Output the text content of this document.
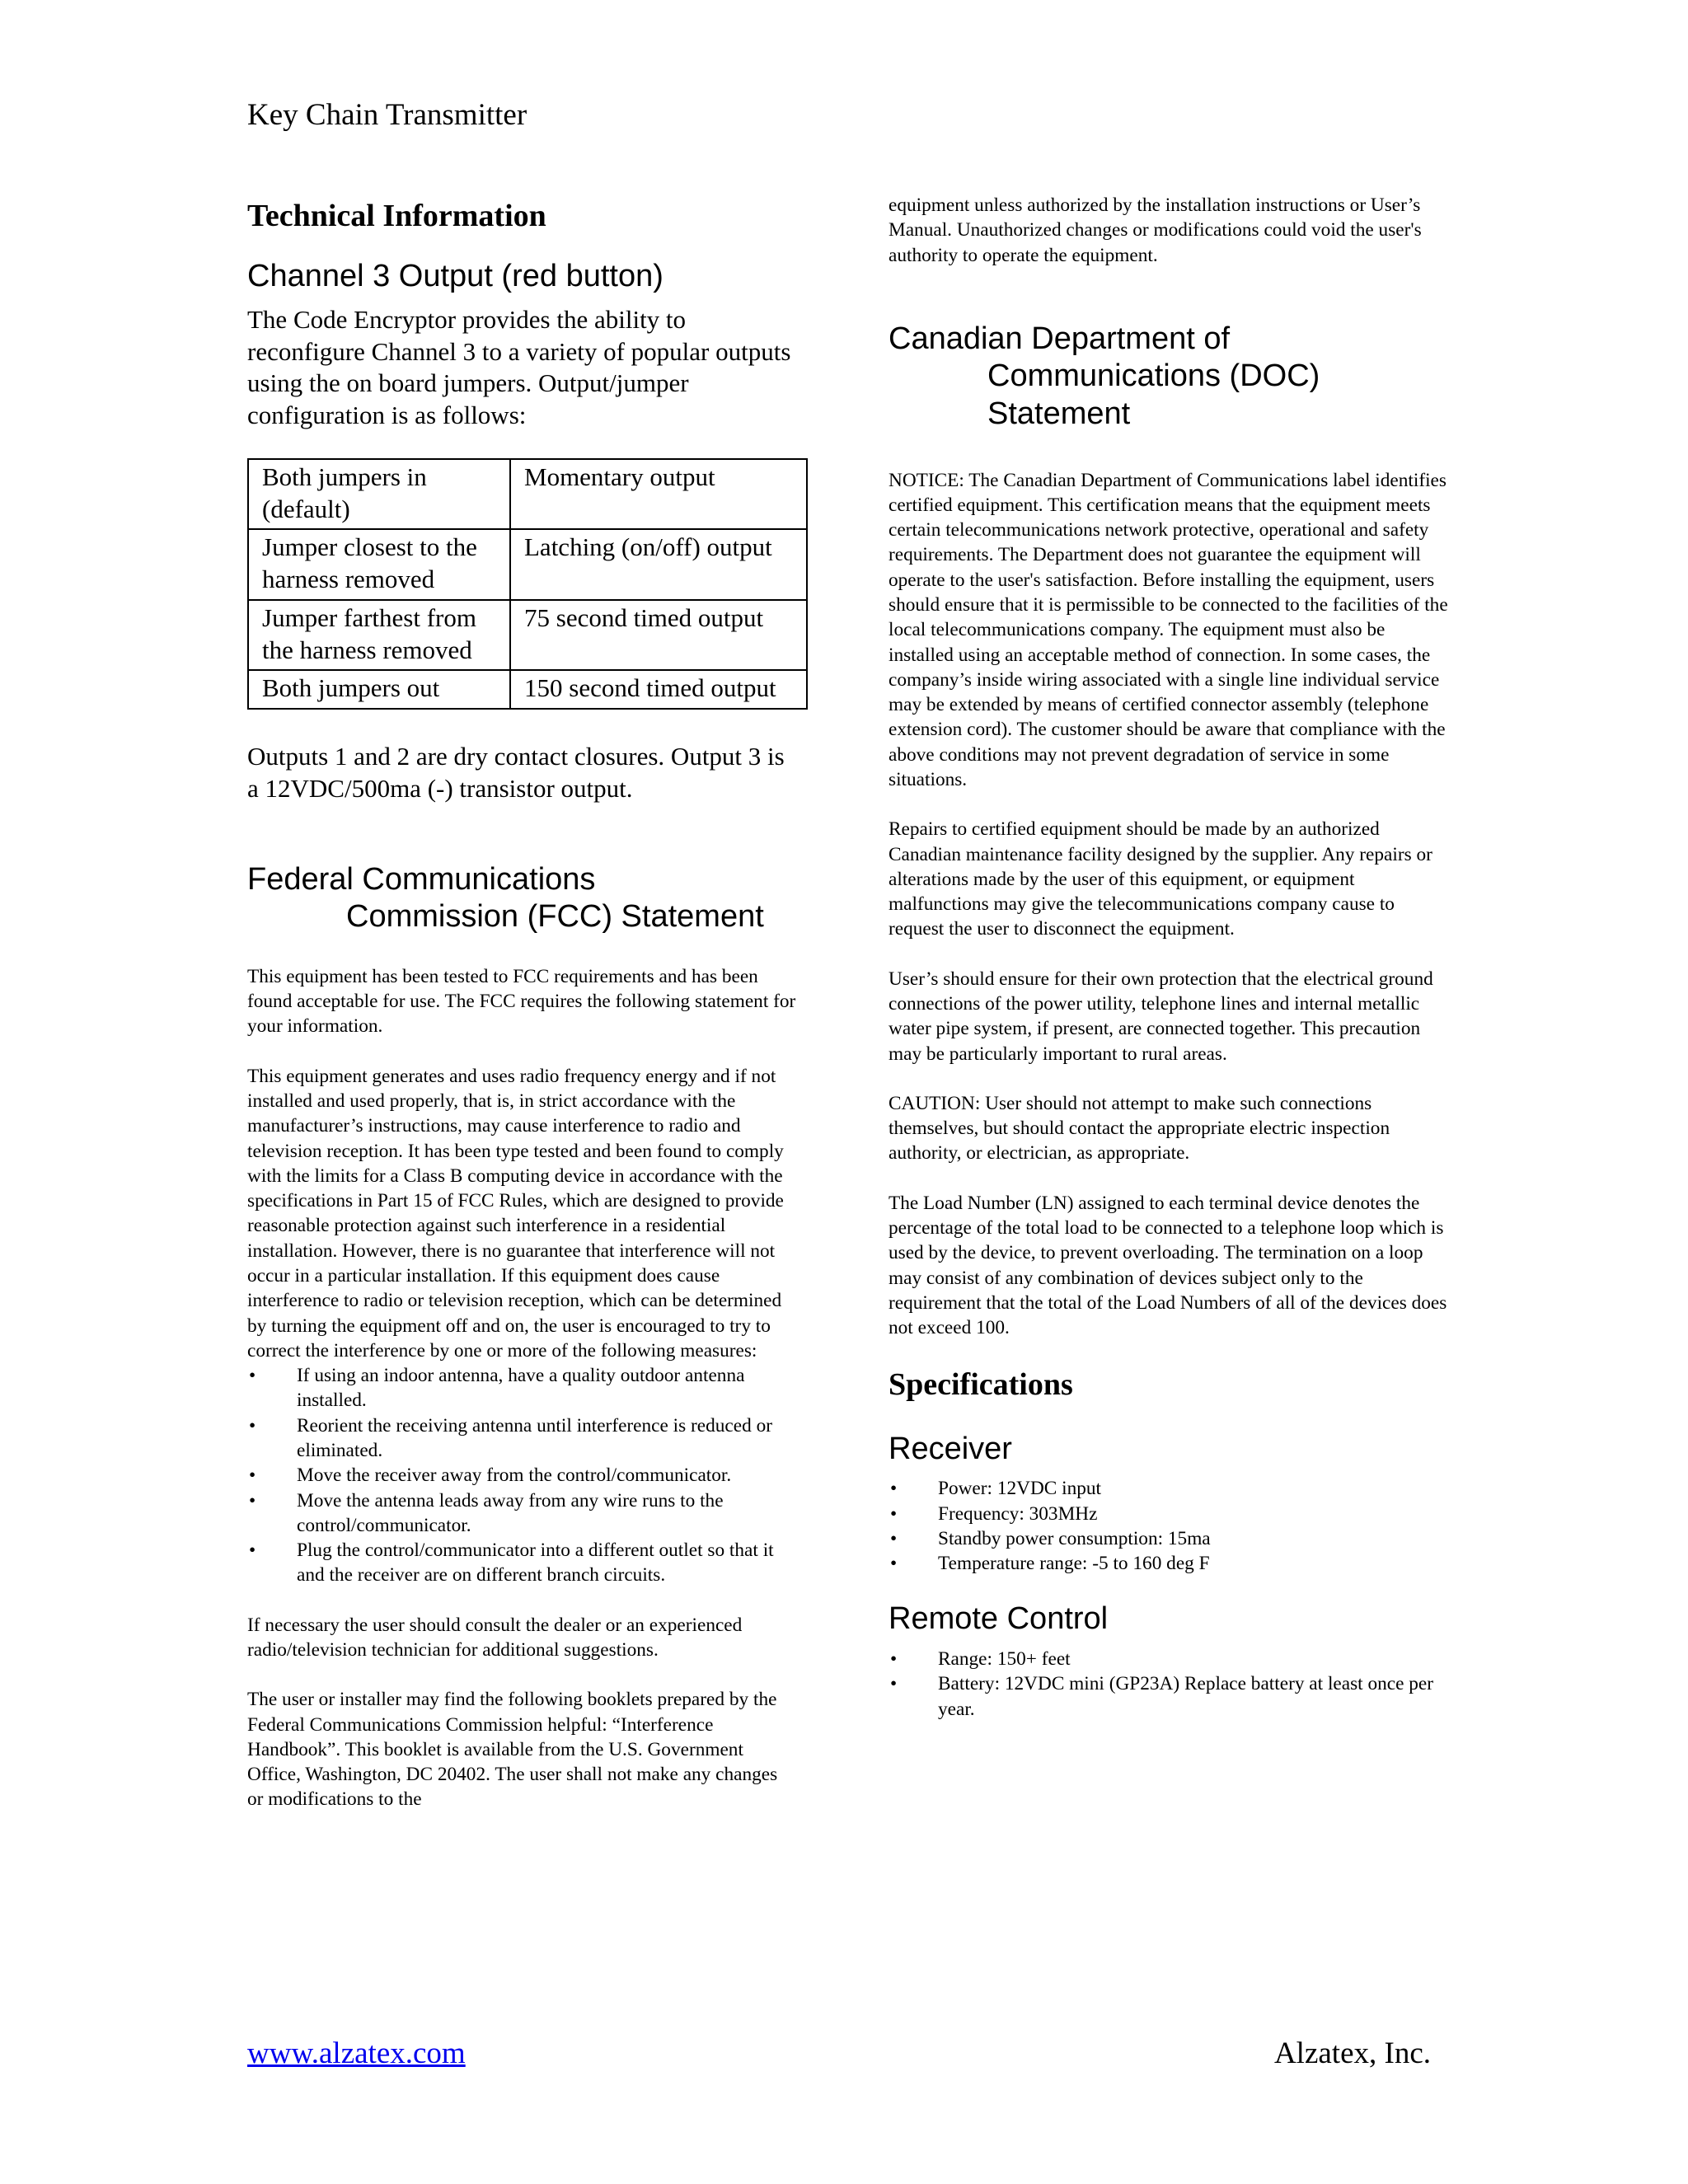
Key Chain Transmitter
Technical Information
Channel 3 Output (red button)

The Code Encryptor provides the ability to reconfigure Channel 3 to a variety of popular outputs using the on board jumpers. Output/jumper configuration is as follows:

Both jumpers in (default)	Momentary output
Jumper closest to the harness removed	Latching (on/off) output
Jumper farthest from the harness removed	75 second timed output
Both jumpers out	150 second timed output

Outputs 1 and 2 are dry contact closures. Output 3 is a 12VDC/500ma (-) transistor output.

Federal Communications
Commission (FCC) Statement

This equipment has been tested to FCC requirements and has been found acceptable for use. The FCC requires the following statement for your information.

This equipment generates and uses radio frequency energy and if not installed and used properly, that is, in strict accordance with the manufacturer’s instructions, may cause interference to radio and television reception. It has been type tested and been found to comply with the limits for a Class B computing device in accordance with the specifications in Part 15 of FCC Rules, which are designed to provide reasonable protection against such interference in a residential installation. However, there is no guarantee that interference will not occur in a particular installation. If this equipment does cause interference to radio or television reception, which can be determined by turning the equipment off and on, the user is encouraged to try to correct the interference by one or more of the following measures:

• If using an indoor antenna, have a quality outdoor antenna installed.
• Reorient the receiving antenna until interference is reduced or eliminated.
• Move the receiver away from the control/communicator.
• Move the antenna leads away from any wire runs to the control/communicator.
• Plug the control/communicator into a different outlet so that it and the receiver are on different branch circuits.

If necessary the user should consult the dealer or an experienced radio/television technician for additional suggestions.

The user or installer may find the following booklets prepared by the Federal Communications Commission helpful: “Interference Handbook”. This booklet is available from the U.S. Government Office, Washington, DC 20402. The user shall not make any changes or modifications to the

equipment unless authorized by the installation instructions or User’s Manual. Unauthorized changes or modifications could void the user's authority to operate the equipment.

Canadian Department of
Communications (DOC)
Statement

NOTICE: The Canadian Department of Communications label identifies certified equipment. This certification means that the equipment meets certain telecommunications network protective, operational and safety requirements. The Department does not guarantee the equipment will operate to the user's satisfaction. Before installing the equipment, users should ensure that it is permissible to be connected to the facilities of the local telecommunications company. The equipment must also be installed using an acceptable method of connection. In some cases, the company’s inside wiring associated with a single line individual service may be extended by means of certified connector assembly (telephone extension cord). The customer should be aware that compliance with the above conditions may not prevent degradation of service in some situations.

Repairs to certified equipment should be made by an authorized Canadian maintenance facility designed by the supplier. Any repairs or alterations made by the user of this equipment, or equipment malfunctions may give the telecommunications company cause to request the user to disconnect the equipment.

User’s should ensure for their own protection that the electrical ground connections of the power utility, telephone lines and internal metallic water pipe system, if present, are connected together. This precaution may be particularly important to rural areas.

CAUTION: User should not attempt to make such connections themselves, but should contact the appropriate electric inspection authority, or electrician, as appropriate.

The Load Number (LN) assigned to each terminal device denotes the percentage of the total load to be connected to a telephone loop which is used by the device, to prevent overloading. The termination on a loop may consist of any combination of devices subject only to the requirement that the total of the Load Numbers of all of the devices does not exceed 100.

Specifications
Receiver
• Power: 12VDC input
• Frequency: 303MHz
• Standby power consumption: 15ma
• Temperature range: -5 to 160 deg F
Remote Control
• Range: 150+ feet
• Battery: 12VDC mini (GP23A) Replace battery at least once per year.
www.alzatex.com	Alzatex, Inc.
